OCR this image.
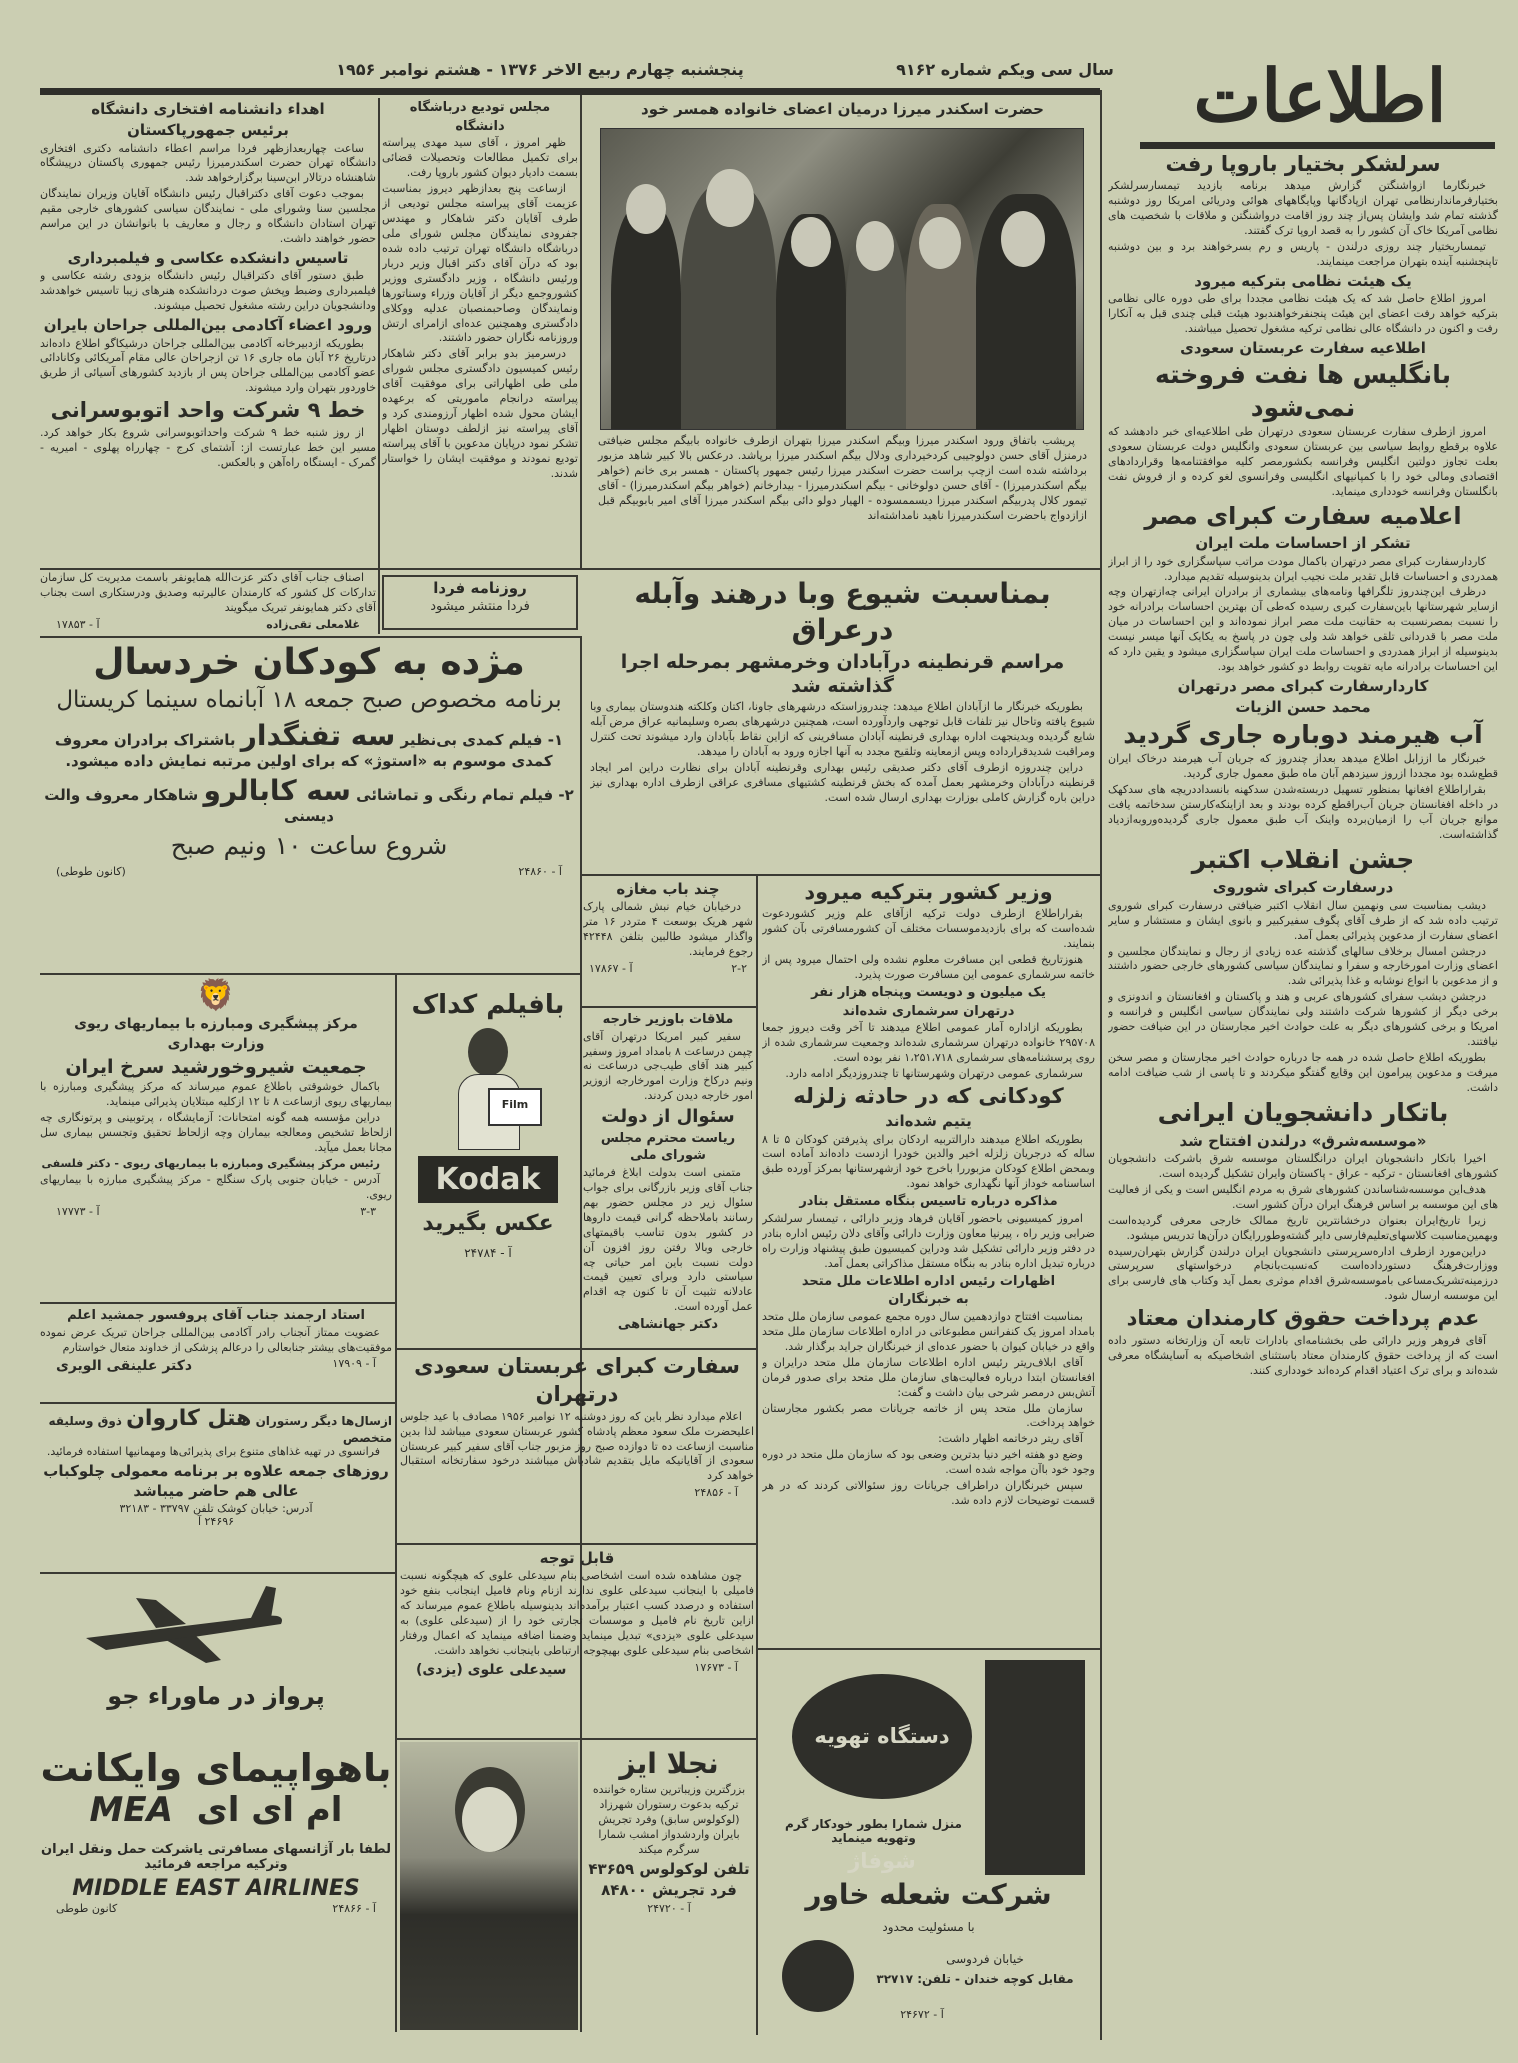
اطلاعات
سال سی ویکم شماره ۹۱۶۲
پنجشنبه چهارم ربیع الاخر ۱۳۷۶ - هشتم نوامبر ۱۹۵۶
حضرت اسکندر میرزا درمیان اعضای خانواده همسر خود

پریشب باتفاق ورود اسکندر میرزا وبیگم اسکندر میرزا بتهران ازطرف خانواده بابیگم مجلس ضیافتی درمنزل آقای حسن دولوجیبی کردخیرداری ودلال بیگم اسکندر میرزا برپاشد. درعکس بالا کبیر شاهد مزبور برداشته شده است ازچپ براست حضرت اسکندر میرزا رئیس جمهور پاکستان - همسر بری خانم (خواهر بیگم اسکندرمیرزا) - آقای حسن دولوخانی - بیگم اسکندرمیرزا - بیدارخانم (خواهر بیگم اسکندرمیرزا) - آقای تیمور کلال پدربیگم اسکندر میرزا دیسممسوده - الهیار دولو دائی بیگم اسکندر میرزا آقای امیر بابوبیگم قبل ازازدواج باحضرت اسکندرمیرزا ناهید نامداشته‌اند

اهداء دانشنامه افتخاری دانشگاه
برئیس جمهورپاکستان

ساعت چهاربعدازظهر فردا مراسم اعطاء دانشنامه دکتری افتخاری دانشگاه تهران حضرت اسکندرمیرزا رئیس جمهوری پاکستان درپیشگاه شاهنشاه درتالار ابن‌سینا برگزارخواهد شد.

بموجب دعوت آقای دکتراقبال رئیس دانشگاه آقایان وزیران نمایندگان مجلسین سنا وشورای ملی - نمایندگان سیاسی کشورهای خارجی مقیم تهران استادان دانشگاه و رجال و معاریف با بانوانشان در این مراسم حضور خواهند داشت.

تاسیس دانشکده عکاسی و فیلمبرداری

طبق دستور آقای دکتراقبال رئیس دانشگاه بزودی رشته عکاسی و فیلمبرداری وضبط وپخش صوت دردانشکده هنرهای زیبا تاسیس خواهدشد ودانشجویان دراین رشته مشغول تحصیل میشوند.

ورود اعضاء آکادمی بین‌المللی جراحان بایران

بطوریکه ازدبیرخانه آکادمی بین‌المللی جراحان درشیکاگو اطلاع داده‌اند درتاریخ ۲۶ آبان ماه جاری ۱۶ تن ازجراحان عالی مقام آمریکائی وکانادائی عضو آکادمی بین‌المللی جراحان پس از بازدید کشورهای آسیائی از طریق خاوردور بتهران وارد میشوند.

خط ۹ شرکت واحد اتوبوسرانی

از روز شنبه خط ۹ شرکت واحداتوبوسرانی شروع بکار خواهد کرد. مسیر این خط عبارتست از: آشتمای کرج - چهارراه پهلوی - امیریه - گمرک - ایستگاه راه‌آهن و بالعکس.

مجلس تودیع درباشگاه
دانشگاه

ظهر امروز ، آقای سید مهدی پیراسته برای تکمیل مطالعات وتحصیلات قضائی بسمت دادیار دیوان کشور باروپا رفت.

ازساعت پنج بعدازظهر دیروز بمناسبت عزیمت آقای پیراسته مجلس تودیعی از طرف آقایان دکتر شاهکار و مهندس جفرودی نمایندگان مجلس شورای ملی درباشگاه دانشگاه تهران ترتیب داده شده بود که درآن آقای دکتر اقبال وزیر دربار ورئیس دانشگاه ، وزیر دادگستری ووزیر کشوروجمع دیگر از آقایان وزراء وسناتورها ونمایندگان وصاحبمنصبان عدلیه ووکلای دادگستری وهمچنین عده‌ای ازامرای ارتش وروزنامه نگاران حضور داشتند.

درسرمیز بدو برابر آقای دکتر شاهکار رئیس کمیسیون دادگستری مجلس شورای ملی طی اظهاراتی برای موفقیت آقای پیراسته درانجام ماموریتی که برعهده ایشان محول شده اظهار آرزومندی کرد و آقای پیراسته نیز ازلطف دوستان اظهار تشکر نمود درپایان مدعوین با آقای پیراسته تودیع نمودند و موفقیت ایشان را خواستار شدند.

اصناف جناب آقای دکتر عزت‌الله همایونفر باسمت مدیریت کل سازمان تدارکات کل کشور که کارمندان عالیرتبه وصدیق ودرستکاری است بجناب آقای دکتر همایونفر تبریک میگویند

غلامعلی تقی‌زاده
آ - ۱۷۸۵۳
روزنامه فردا
فردا منتشر میشود
مژده به کودکان خردسال
برنامه مخصوص صبح جمعه ۱۸ آبانماه سینما کریستال
۱- فیلم کمدی بی‌نظیر سه تفنگدار باشتراک برادران معروف
کمدی موسوم به «استوژ» که برای اولین مرتبه نمایش داده میشود.
۲- فیلم تمام رنگی و تماشائی سه کابالرو شاهکار معروف والت دیسنی
شروع ساعت ۱۰ ونیم صبح
آ - ۲۴۸۶۰
(کانون طوطی)
🦁
مرکز پیشگیری ومبارزه با بیماریهای ریوی
وزارت بهداری
جمعیت شیروخورشید سرخ ایران

باکمال خوشوقتی باطلاع عموم میرساند که مرکز پیشگیری ومبارزه با بیماریهای ریوی ازساعت ۸ تا ۱۲ ازکلیه مبتلایان پذیرائی مینماید.

دراین مؤسسه همه گونه امتحانات: آزمایشگاه ، پرتوبینی و پرتونگاری چه ازلحاظ تشخیص ومعالجه بیماران وچه ازلحاظ تحقیق وتجسس بیماری سل مجانا بعمل میآید.

رئیس مرکز پیشگیری ومبارزه با بیماریهای ریوی - دکتر فلسفی

آدرس - خیابان جنوبی پارک سنگلج - مرکز پیشگیری مبارزه با بیماریهای ریوی.

۳-۳
آ - ۱۷۷۷۳
استاد ارجمند جناب آقای پروفسور جمشید اعلم

عضویت ممتاز آنجناب رادر آکادمی بین‌المللی جراحان تبریک عرض نموده موفقیت‌های بیشتر جنابعالی را درعالم پزشکی از خداوند متعال خواستارم

آ - ۱۷۹۰۹
دکتر علینقی الویری
ازسال‌ها دیگر رستوران هتل کاروان ذوق وسلیقه متخصص

فرانسوی در تهیه غذاهای متنوع برای پذیرائی‌ها ومهمانیها استفاده فرمائید.

روزهای جمعه علاوه بر برنامه معمولی چلوکباب عالی هم حاضر میباشد
آدرس: خیابان کوشک تلفن ۳۳۷۹۷ - ۳۲۱۸۳
۲۴۶۹۶ آ
پرواز در ماوراء جو
باهواپیمای وایکانت
ام ای ای  MEA
لطفا بار آژانسهای مسافرتی یاشرکت حمل ونقل ایران وترکیه مراجعه فرمائید
MIDDLE EAST AIRLINES
آ - ۲۴۸۶۶
کانون طوطی
بافیلم کداک
Film
Kodak
عکس بگیرید
آ - ۲۴۷۸۴
بمناسبت شیوع وبا درهند وآبله درعراق
مراسم قرنطینه درآبادان وخرمشهر بمرحله اجرا گذاشته شد

بطوریکه خبرنگار ما ازآبادان اطلاع میدهد: چندروزاستکه درشهرهای جاونا، اکتان وکلکته هندوستان بیماری وبا شیوع یافته وتاحال نیز تلفات قابل توجهی واردآورده است، همچنین درشهرهای بصره وسلیمانیه عراق مرض آبله شایع گردیده وبدینجهت اداره بهداری قرنطینه آبادان مسافرینی که ازاین نقاط بآبادان وارد میشوند تحت کنترل ومراقبت شدیدقرارداده وپس ازمعاینه وتلقیح مجدد به آنها اجازه ورود به آبادان را میدهد.

دراین چندروزه ازطرف آقای دکتر صدیقی رئیس بهداری وقرنطینه آبادان برای نظارت دراین امر ایجاد قرنطینه درآبادان وخرمشهر بعمل آمده که بخش قرنطینه کشتیهای مسافری عراقی ازطرف اداره بهداری نیز دراین باره گزارش کاملی بوزارت بهداری ارسال شده است.

چند باب مغازه

درخیابان خیام نبش شمالی پارک شهر هریک بوسعت ۴ متردر ۱۶ متر واگذار میشود طالبین بتلفن ۴۲۴۴۸ رجوع فرمایند.

۲-۲
آ - ۱۷۸۶۷
ملاقات باوزیر خارجه

سفیر کبیر امریکا درتهران آقای چپمن درساعت ۸ بامداد امروز وسفیر کبیر هند آقای طیب‌جی درساعت نه ونیم درکاخ وزارت امورخارجه ازوزیر امور خارجه دیدن کردند.

سئوال از دولت
ریاست محترم مجلس شورای ملی

متمنی است بدولت ابلاغ فرمائید جناب آقای وزیر بازرگانی برای جواب سئوال زیر در مجلس حضور بهم رسانند باملاحظه گرانی قیمت داروها در کشور بدون تناسب باقیمتهای خارجی وبالا رفتن روز افزون آن دولت نسبت باین امر حیاتی چه سیاستی دارد وبرای تعیین قیمت عادلانه تثبیت آن تا کنون چه اقدام عمل آورده است.

دکتر جهانشاهی
سفارت کبرای عربستان سعودی
درتهران

اعلام میدارد نظر باین که روز دوشنبه ۱۲ نوامبر ۱۹۵۶ مصادف با عید جلوس اعلیحضرت ملک سعود معظم پادشاه کشور عربستان سعودی میباشد لذا بدین مناسبت ازساعت ده تا دوازده صبح روز مزبور جناب آقای سفیر کبیر عربستان سعودی از آقایانیکه مایل بتقدیم شادباش میباشند درخود سفارتخانه استقبال خواهد کرد

آ - ۲۴۸۵۶
قابل توجه

چون مشاهده شده است اشخاصی بنام سیدعلی علوی که هیچگونه نسبت فامیلی با اینجانب سیدعلی علوی ندارند ازنام ونام فامیل اینجانب بنفع خود استفاده و درصدد کسب اعتبار برآمده‌اند بدینوسیله باطلاع عموم میرساند که ازاین تاریخ نام فامیل و موسسات تجارتی خود را از (سیدعلی علوی) به سیدعلی علوی «یزدی» تبدیل مینماید وضمنا اضافه مینماید که اعمال ورفتار اشخاصی بنام سیدعلی علوی بهیچوجه ارتباطی باینجانب نخواهد داشت.

آ - ۱۷۶۷۳
سیدعلی علوی (یزدی)
نجلا ایز

بزرگترین وزیباترین ستاره خواننده ترکیه بدعوت رستوران شهرزاد (لوکولوس سابق) وفرد تجریش بایران واردشدواز امشب شمارا سرگرم میکند

تلفن لوکولوس ۴۳۶۵۹
فرد تجریش ۸۴۸۰۰
آ - ۲۴۷۲۰
وزیر کشور بترکیه میرود

بقراراطلاع ازطرف دولت ترکیه ازآقای علم وزیر کشوردعوت شده‌است که برای بازدیدموسسات مختلف آن کشورمسافرتی بآن کشور بنمایند.

هنوزتاریخ قطعی این مسافرت معلوم نشده ولی احتمال میرود پس از خاتمه سرشماری عمومی این مسافرت صورت پذیرد.

یک میلیون و دویست وپنجاه هزار نفر
درتهران سرشماری شده‌اند

بطوریکه ازاداره آمار عمومی اطلاع میدهند تا آخر وقت دیروز جمعا ۲۹۵۷۰۸ خانواده درتهران سرشماری شده‌اند وجمعیت سرشماری شده از روی پرسشنامه‌های سرشماری ۱،۲۵۱،۷۱۸ نفر بوده است.

سرشماری عمومی درتهران وشهرستانها تا چندروزدیگر ادامه دارد.

کودکانی که در حادثه زلزله
یتیم شده‌اند

بطوریکه اطلاع میدهند دارالتربیه اردکان برای پذیرفتن کودکان ۵ تا ۸ ساله که درجریان زلزله اخیر والدین خودرا ازدست داده‌اند آماده است وبمحض اطلاع کودکان مزبوررا باخرج خود ازشهرستانها بمرکز آورده طبق اساسنامه خوداز آنها نگهداری خواهد نمود.

مذاکره درباره تاسیس بنگاه مستقل بنادر

امروز کمیسیونی باحضور آقایان فرهاد وزیر دارائی ، تیمسار سرلشکر ضرابی وزیر راه ، پیرنیا معاون وزارت دارائی وآقای دلان رئیس اداره بنادر در دفتر وزیر دارائی تشکیل شد ودراین کمیسیون طبق پیشنهاد وزارت راه درباره تبدیل اداره بنادر به بنگاه مستقل مذاکراتی بعمل آمد.

اظهارات رئیس اداره اطلاعات ملل متحد
به خبرنگاران

بمناسبت افتتاح دوازدهمین سال دوره مجمع عمومی سازمان ملل متحد بامداد امروز یک کنفرانس مطبوعاتی در اداره اطلاعات سازمان ملل متحد واقع در خیابان کیوان با حضور عده‌ای از خبرنگاران جراید برگذار شد.

آقای ابلاف‌ریتر رئیس اداره اطلاعات سازمان ملل متحد درایران و افغانستان ابتدا درباره فعالیت‌های سازمان ملل متحد برای صدور فرمان آتش‌بس درمصر شرحی بیان داشت و گفت:

سازمان ملل متحد پس از خاتمه جریانات مصر بکشور مجارستان خواهد پرداخت.

آقای ریتر درخاتمه اظهار داشت:

وضع دو هفته اخیر دنیا بدترین وضعی بود که سازمان ملل متحد در دوره وجود خود باآن مواجه شده است.

سپس خبرنگاران دراطراف جریانات روز سئوالاتی کردند که در هر قسمت توضیحات لازم داده شد.

دستگاه تهویه شوفاژ
منزل شمارا بطور خودکار گرم وتهویه مینماید
شرکت شعله خاور
با مسئولیت محدود
خیابان فردوسی
مقابل کوچه خندان - تلفن: ۳۲۷۱۷
آ - ۲۴۶۷۲
سرلشکر بختیار باروپا رفت

خبرنگارما ازواشنگتن گزارش میدهد برنامه بازدید تیمسارسرلشکر بختیارفرماندارنظامی تهران ازپادگانها وپایگاههای هوائی ودریائی امریکا روز دوشنبه گذشته تمام شد وایشان پس‌از چند روز اقامت درواشنگتن و ملاقات با شخصیت های نظامی آمریکا خاک آن کشور را به قصد اروپا ترک گفتند.

تیمساربختیار چند روزی درلندن - پاریس و رم بسرخواهند برد و بین دوشنبه تاپنجشنبه آینده بتهران مراجعت مینمایند.

یک هیئت نظامی بترکیه میرود

امروز اطلاع حاصل شد که یک هیئت نظامی مجددا برای طی دوره عالی نظامی بترکیه خواهد رفت اعضای این هیئت پنجنفرخواهندبود هیئت قبلی چندی قبل به آنکارا رفت و اکنون در دانشگاه عالی نظامی ترکیه مشغول تحصیل میباشند.

اطلاعیه سفارت عربستان سعودی
بانگلیس ها نفت فروخته نمی‌شود

امروز ازطرف سفارت عربستان سعودی درتهران طی اطلاعیه‌ای خبر دادهشد که علاوه برقطع روابط سیاسی بین عربستان سعودی وانگلیس دولت عربستان سعودی بعلت تجاوز دولتین انگلیس وفرانسه بکشورمصر کلیه موافقتنامه‌ها وقراردادهای اقتصادی ومالی خود را با کمپانیهای انگلیسی وفرانسوی لغو کرده و از فروش نفت بانگلستان وفرانسه خودداری مینماید.

اعلامیه سفارت کبرای مصر
تشکر از احساسات ملت ایران

کاردارسفارت کبرای مصر درتهران باکمال مودت مراتب سپاسگزاری خود را از ابراز همدردی و احساسات قابل تقدیر ملت نجیب ایران بدینوسیله تقدیم میدارد.

درظرف این‌چندروز تلگرافها ونامه‌های بیشماری از برادران ایرانی چه‌ازتهران وچه ازسایر شهرستانها باین‌سفارت کبری رسیده که‌طی آن بهترین احساسات برادرانه خود را نسبت بمصرنسبت به حقانیت ملت مصر ابراز نموده‌اند و این احساسات در میان ملت مصر با قدردانی تلقی خواهد شد ولی چون در پاسخ به یکایک آنها میسر نیست بدینوسیله از ابراز همدردی و احساسات ملت ایران سپاسگزاری میشود و یقین دارد که این احساسات برادرانه مایه تقویت روابط دو کشور خواهد بود.

کاردارسفارت کبرای مصر درتهران
محمد حسن الزیات
آب هیرمند دوباره جاری گردید

خبرنگار ما اززابل اطلاع میدهد بعداز چندروز که جریان آب هیرمند درخاک ایران قطع‌شده بود مجددا ازروز سیزدهم آبان ماه طبق معمول جاری گردید.

بقراراطلاع افغانها بمنظور تسهیل دربسته‌شدن سدکهنه بانسداددریچه های سدکهک در داخله افغانستان جریان آب‌راقطع کرده بودند و بعد ازاینکه‌کارستن سدخاتمه یافت موانع جریان آب را ازمیان‌برده واینک آب طبق معمول جاری گردیده‌وروبه‌ازدیاد گذاشته‌است.

جشن انقلاب اکتبر
درسفارت کبرای شوروی

دیشب بمناسبت سی ونهمین سال انقلاب اکتبر ضیافتی درسفارت کبرای شوروی ترتیب داده شد که از طرف آقای پگوف سفیرکبیر و بانوی ایشان و مستشار و سایر اعضای سفارت از مدعوین پذیرائی بعمل آمد.

درجشن امسال برخلاف سالهای گذشته عده زیادی از رجال و نمایندگان مجلسین و اعضای وزارت امورخارجه و سفرا و نمایندگان سیاسی کشورهای خارجی حضور داشتند و از مدعوین با انواع نوشابه و غذا پذیرائی شد.

درجشن دیشب سفرای کشورهای عربی و هند و پاکستان و افغانستان و اندونزی و برخی دیگر از کشورها شرکت داشتند ولی نمایندگان سیاسی انگلیس و فرانسه و امریکا و برخی کشورهای دیگر به علت حوادث اخیر مجارستان در این ضیافت حضور نیافتند.

بطوریکه اطلاع حاصل شده در همه جا درباره حوادث اخیر مجارستان و مصر سخن میرفت و مدعوین پیرامون این وقایع گفتگو میکردند و تا پاسی از شب ضیافت ادامه داشت.

باتکار دانشجویان ایرانی
«موسسه‌شرق» درلندن افتتاح شد

اخیرا باتکار دانشجویان ایران درانگلستان موسسه شرق باشرکت دانشجویان کشورهای افغانستان - ترکیه - عراق - پاکستان وایران تشکیل گردیده است.

هدف‌این موسسه‌شناساندن کشورهای شرق به مردم انگلیس است و یکی از فعالیت های این موسسه بر اساس فرهنگ ایران درآن کشور است.

زیرا تاریخ‌ایران بعنوان درخشانترین تاریخ ممالک خارجی معرفی گردیده‌است وبهمین‌مناسبت کلاسهای‌تعلیم‌فارسی دایر گشته‌وطوررایگان درآن‌ها تدریس میشود.

دراین‌مورد ازطرف اداره‌سرپرستی دانشجویان ایران درلندن گزارش بتهران‌رسیده ووزارت‌فرهنگ دستورداده‌است که‌نسبت‌بانجام درخواستهای سرپرستی درزمینه‌تشریک‌مساعی باموسسه‌شرق اقدام موثری بعمل آید وکتاب های فارسی برای این موسسه ارسال شود.

عدم پرداخت حقوق کارمندان معتاد

آقای فروهر وزیر دارائی طی بخشنامه‌ای بادارات تابعه آن وزارتخانه دستور داده است که از پرداخت حقوق کارمندان معتاد باستثنای اشخاصیکه به آسایشگاه معرفی شده‌اند و برای ترک اعتیاد اقدام کرده‌اند خودداری کنند.
